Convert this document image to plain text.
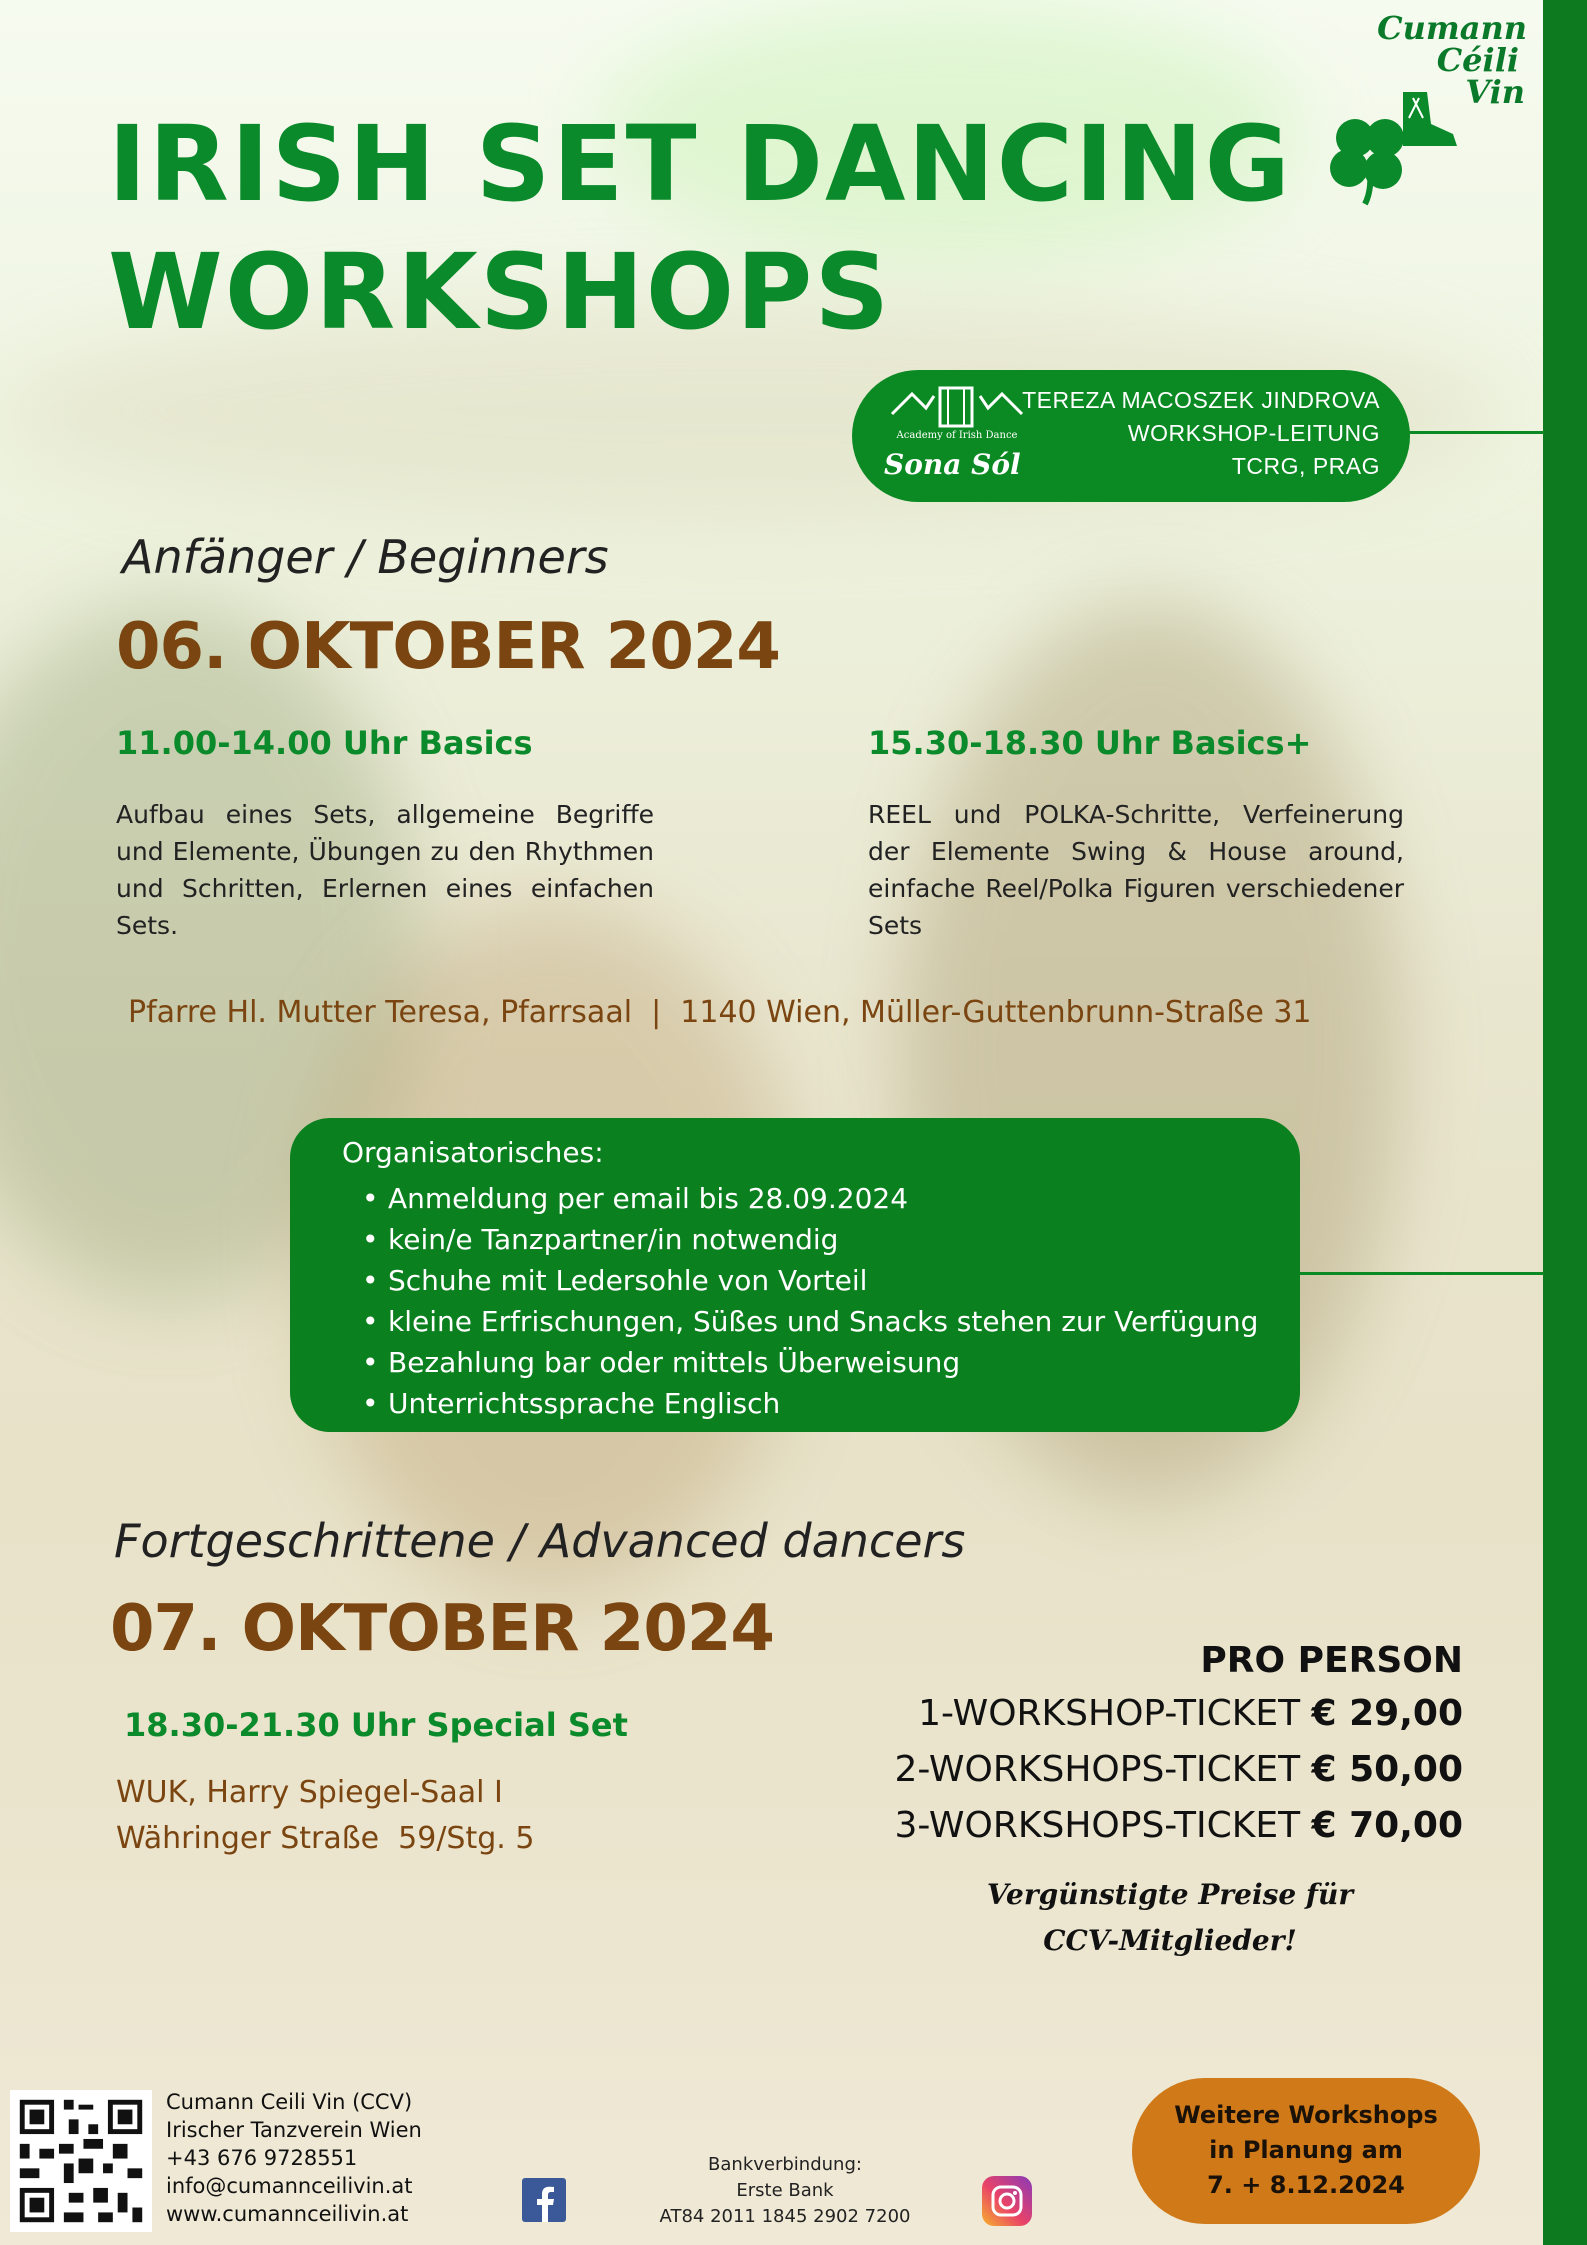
IRISH SET DANCING
WORKSHOPS
Cumann
Céili
Vin
Academy of Irish Dance
Sona Sól
TEREZA MACOSZEK JINDROVA
WORKSHOP-LEITUNG
TCRG, PRAG
Anfänger / Beginners
06. OKTOBER 2024
11.00-14.00 Uhr Basics
Aufbau eines Sets, allgemeine Begriffe und Elemente, Übungen zu den Rhythmen und Schritten, Erlernen eines einfachen Sets.
15.30-18.30 Uhr Basics+
REEL und POLKA-Schritte, Verfeinerung der Elemente Swing & House around, einfache Reel/Polka Figuren verschiedener Sets
Pfarre Hl. Mutter Teresa, Pfarrsaal  |  1140 Wien, Müller-Guttenbrunn-Straße 31
Organisatorisches:
• Anmeldung per email bis 28.09.2024
• kein/e Tanzpartner/in notwendig
• Schuhe mit Ledersohle von Vorteil
• kleine Erfrischungen, Süßes und Snacks stehen zur Verfügung
• Bezahlung bar oder mittels Überweisung
• Unterrichtssprache Englisch
Fortgeschrittene / Advanced dancers
07. OKTOBER 2024
18.30-21.30 Uhr Special Set
WUK, Harry Spiegel-Saal I
Währinger Straße  59/Stg. 5
PRO PERSON
1-WORKSHOP-TICKET € 29,00
2-WORKSHOPS-TICKET € 50,00
3-WORKSHOPS-TICKET € 70,00
Vergünstigte Preise für
CCV-Mitglieder!
Cumann Ceili Vin (CCV)
Irischer Tanzverein Wien
+43 676 9728551
info@cumannceilivin.at
www.cumannceilivin.at
Bankverbindung:
Erste Bank
AT84 2011 1845 2902 7200
Weitere Workshops
in Planung am
7. + 8.12.2024
